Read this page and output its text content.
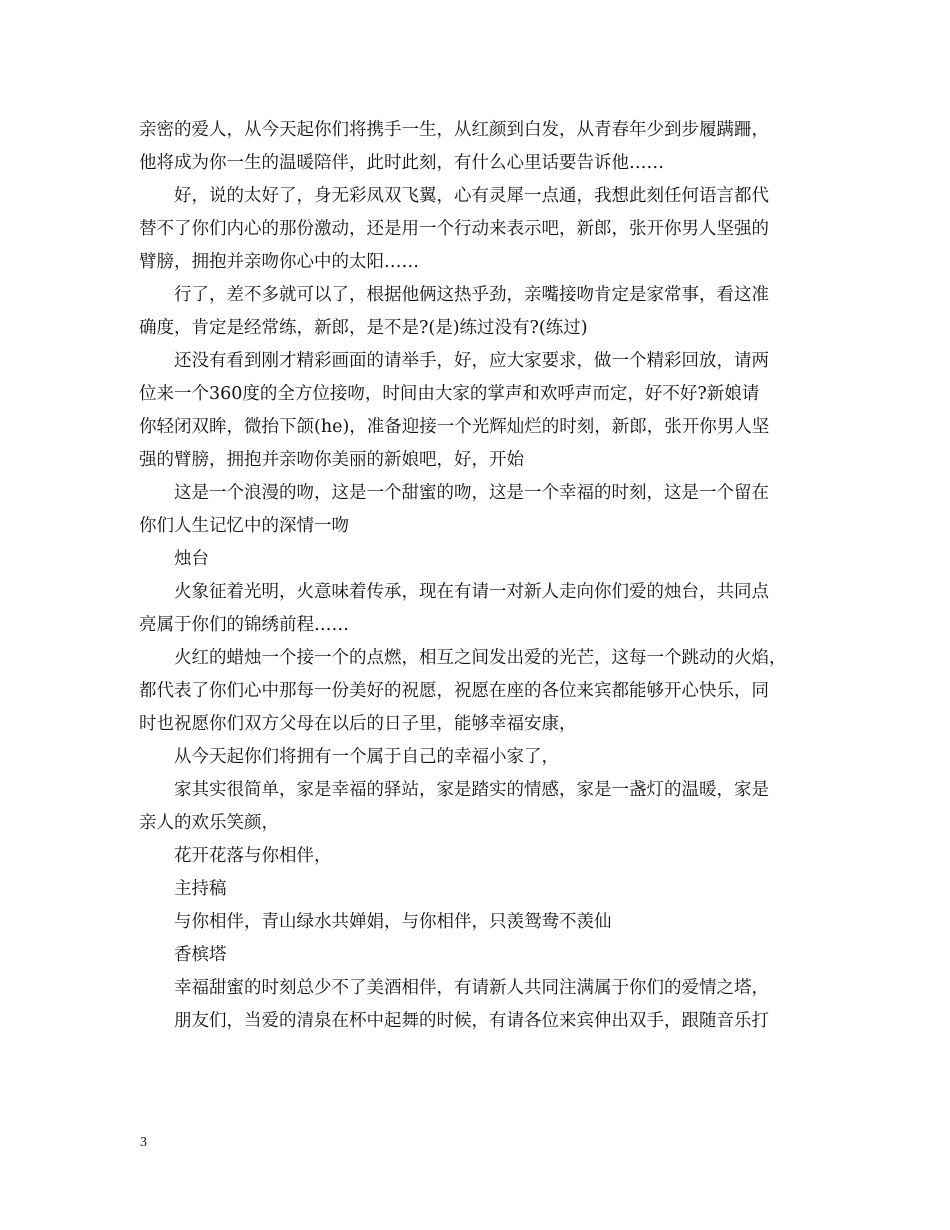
亲密的爱人，从今天起你们将携手一生，从红颜到白发，从青春年少到步履蹒跚，
他将成为你一生的温暖陪伴，此时此刻，有什么心里话要告诉他……
好，说的太好了，身无彩凤双飞翼，心有灵犀一点通，我想此刻任何语言都代
替不了你们内心的那份激动，还是用一个行动来表示吧，新郎，张开你男人坚强的
臂膀，拥抱并亲吻你心中的太阳……
行了，差不多就可以了，根据他俩这热乎劲，亲嘴接吻肯定是家常事，看这准
确度，肯定是经常练，新郎，是不是?(是)练过没有?(练过)
还没有看到刚才精彩画面的请举手，好，应大家要求，做一个精彩回放，请两
位来一个360度的全方位接吻，时间由大家的掌声和欢呼声而定，好不好?新娘请
你轻闭双眸，微抬下颌(he)，准备迎接一个光辉灿烂的时刻，新郎，张开你男人坚
强的臂膀，拥抱并亲吻你美丽的新娘吧，好，开始
这是一个浪漫的吻，这是一个甜蜜的吻，这是一个幸福的时刻，这是一个留在
你们人生记忆中的深情一吻
烛台
火象征着光明，火意味着传承，现在有请一对新人走向你们爱的烛台，共同点
亮属于你们的锦绣前程……
火红的蜡烛一个接一个的点燃，相互之间发出爱的光芒，这每一个跳动的火焰，
都代表了你们心中那每一份美好的祝愿，祝愿在座的各位来宾都能够开心快乐，同
时也祝愿你们双方父母在以后的日子里，能够幸福安康，
从今天起你们将拥有一个属于自己的幸福小家了，
家其实很简单，家是幸福的驿站，家是踏实的情感，家是一盏灯的温暖，家是
亲人的欢乐笑颜，
花开花落与你相伴，
主持稿
与你相伴，青山绿水共婵娟，与你相伴，只羡鸳鸯不羡仙
香槟塔
幸福甜蜜的时刻总少不了美酒相伴，有请新人共同注满属于你们的爱情之塔，
朋友们，当爱的清泉在杯中起舞的时候，有请各位来宾伸出双手，跟随音乐打
3
